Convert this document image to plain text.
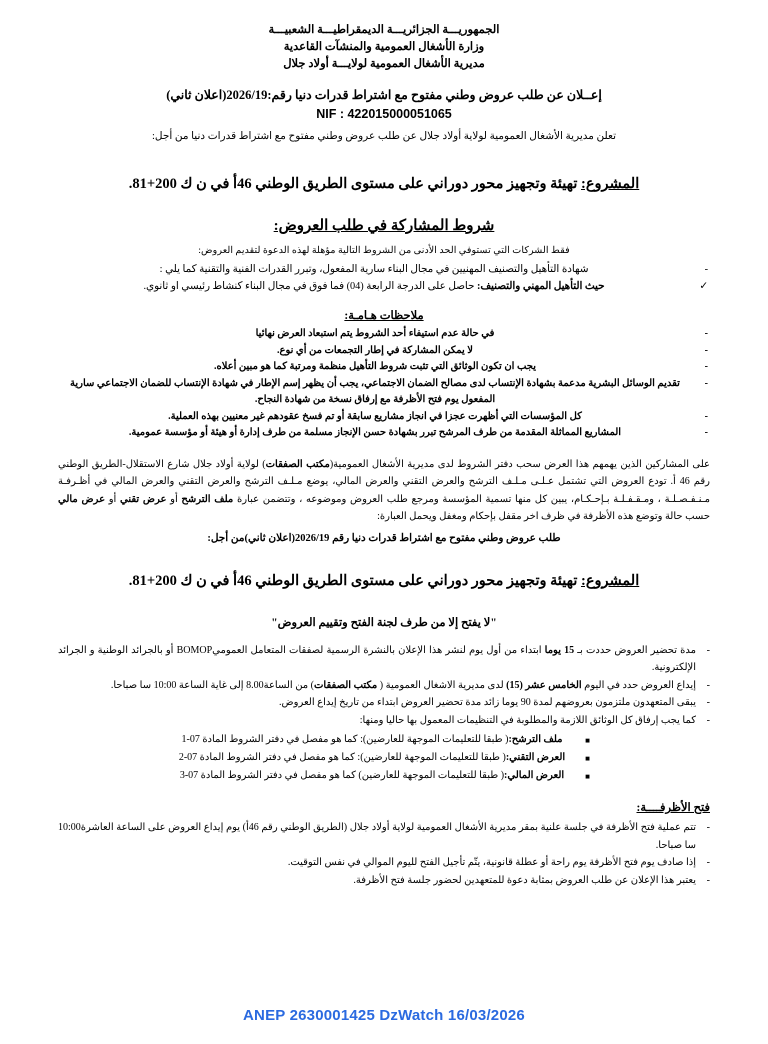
الجمهوريـــة الجزائريـــة الديمقراطيـــة الشعبيـــة
وزارة الأشغال العمومية والمنشآت القاعدية
مديرية الأشغال العمومية لولايـــة أولاد جلال
إعــلان عن طلب عروض وطني مفتوح مع اشتراط قدرات دنيا رقم:2026/19(اعلان ثاني)
NIF : 422015000051065
تعلن مديرية الأشغال العمومية لولاية أولاد جلال عن طلب عروض وطني مفتوح مع اشتراط قدرات دنيا من أجل:
المشروع: تهيئة وتجهيز محور دوراني على مستوى الطريق الوطني 46أ في ن ك 200+81.
شروط المشاركة في طلب العروض:
فقط الشركات التي تستوفي الحد الأدنى من الشروط التالية مؤهلة لهذه الدعوة لتقديم العروض:
-
شهادة التأهيل والتصنيف المهنيين في مجال البناء سارية المفعول، وتبرر القدرات الفنية والتقنية كما يلي :
✓
حيث التأهيل المهني والتصنيف: حاصل على الدرجة الرابعة (04) فما فوق في مجال البناء كنشاط رئيسي او ثانوي.
ملاحظات هـامـة:
-
في حالة عدم استيفاء أحد الشروط يتم استبعاد العرض نهائيا
-
لا يمكن المشاركة في إطار التجمعات من أي نوع.
-
يجب ان تكون الوثائق التي تثبت شروط التأهيل منظمة ومرتبة كما هو مبين أعلاه.
-
تقديم الوسائل البشرية مدعمة بشهادة الإنتساب لدى مصالح الضمان الاجتماعي، يجب أن يظهر إسم الإطار في شهادة الإنتساب للضمان الاجتماعي سارية المفعول يوم فتح الأظرفة مع إرفاق نسخة من شهادة النجاح.
-
كل المؤسسات التي أظهرت عجزا في انجاز مشاريع سابقة أو تم فسخ عقودهم غير معنيين بهذه العملية.
-
المشاريع المماثلة المقدمة من طرف المرشح تبرر بشهادة حسن الإنجاز مسلمة من طرف إدارة أو هيئة أو مؤسسة عمومية.
على المشاركين الذين يهمهم هذا العرض سحب دفتر الشروط لدى مديرية الأشغال العمومية(مكتب الصفقات) لولاية أولاد جلال شارع الاستقلال-الطريق الوطني رقم 46 أ. تودع العروض التي تشتمل عـلـى مـلـف الترشح والعرض التقني والعرض المالي، يوضع مـلـف الترشح والعرض التقني والعرض المالي في أظـرفـة مـنـفـصـلـة ، ومـقـفـلـة بـإحـكـام، يبين كل منها تسمية المؤسسة ومرجع طلب العروض وموضوعه ، وتتضمن عبارة ملف الترشح أو عرض تقني أو عرض مالي حسب حالة وتوضع هذه الأظرفة في ظرف اخر مقفل بإحكام ومغفل ويحمل العبارة:
طلب عروض وطني مفتوح مع اشتراط قدرات دنيا رقم 2026/19(اعلان ثاني)من أجل:
المشروع: تهيئة وتجهيز محور دوراني على مستوى الطريق الوطني 46أ في ن ك 200+81.
"لا يفتح إلا من طرف لجنة الفتح وتقييم العروض"
-
مدة تحضير العروض حددت بـ 15 يوما ابتداء من أول يوم لنشر هذا الإعلان بالنشرة الرسمية لصفقات المتعامل العموميBOMOP أو بالجرائد الوطنية و الجرائد الإلكترونية.
-
إيداع العروض حدد في اليوم الخامس عشر (15) لدى مديرية الاشغال العمومية ( مكتب الصفقات) من الساعة8.00 إلى غاية الساعة 10:00 سا صباحا.
-
يبقى المتعهدون ملتزمون بعروضهم لمدة 90 يوما زائد مدة تحضير العروض ابتداء من تاريخ إيداع العروض.
-
كما يجب إرفاق كل الوثائق اللازمة والمطلوبة في التنظيمات المعمول بها حاليا ومنها:
■
ملف الترشح:( طبقا للتعليمات الموجهة للعارضين): كما هو مفصل في دفتر الشروط المادة 07-1
■
العرض التقني:( طبقا للتعليمات الموجهة للعارضين): كما هو مفصل في دفتر الشروط المادة 07-2
■
العرض المالي:( طبقا للتعليمات الموجهة للعارضين) كما هو مفصل في دفتر الشروط المادة 07-3
فتح الأظرفــــة:
-
تتم عملية فتح الأظرفة في جلسة علنية بمقر مديرية الأشغال العمومية لولاية أولاد جلال (الطريق الوطني رقم 46أ) يوم إيداع العروض على الساعة العاشرة10:00 سا صباحا.
-
إذا صادف يوم فتح الأظرفة يوم راحة أو عطلة قانونية، يتّم تأجيل الفتح لليوم الموالي في نفس التوقيت.
-
يعتبر هذا الإعلان عن طلب العروض بمثابة دعوة للمتعهدين لحضور جلسة فتح الأظرفة.
ANEP 2630001425 DzWatch 16/03/2026
